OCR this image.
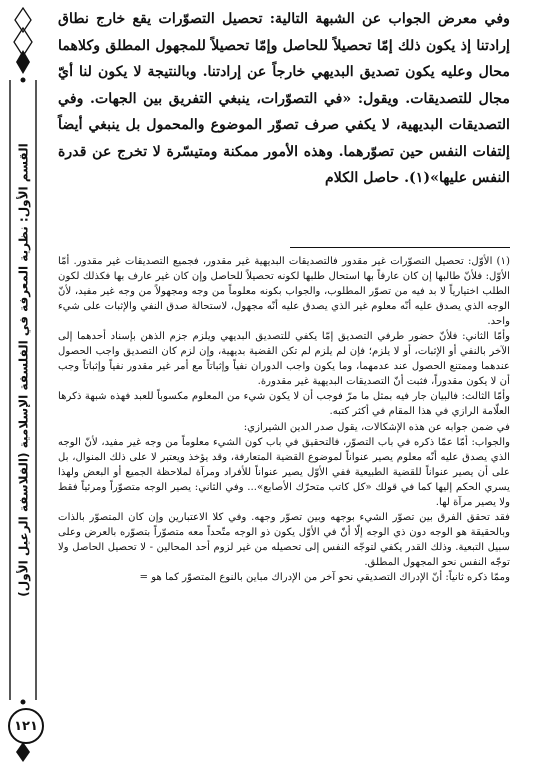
القسم الأول: نظرية المعرفة في الفلسفة الإسلامية (الفلاسفة الرعيل الأول)
١٢١

وفي معرض الجواب عن الشبهة التالية: تحصيل التصوّرات يقع خارج نطاق إرادتنا إذ يكون ذلك إمّا تحصيلاً للحاصل وإمّا تحصيلاً للمجهول المطلق وكلاهما محال وعليه يكون تصديق البديهي خارجاً عن إرادتنا. وبالنتيجة لا يكون لنا أيّ مجال للتصديقات. ويقول: «في التصوّرات، ينبغي التفريق بين الجهات. وفي التصديقات البديهية، لا يكفي صرف تصوّر الموضوع والمحمول بل ينبغي أيضاً إلتفات النفس حين تصوّرهما. وهذه الأمور ممكنة ومتيسّرة لا تخرج عن قدرة النفس عليها»(١). حاصل الكلام

(١) الأوّل: تحصيل التصوّرات غير مقدور فالتصديقات البديهية غير مقدور، فجميع التصديقات غير مقدور. أمّا الأوّل: فلأنّ طالبها إن كان عارفاً بها استحال طلبها لكونه تحصيلاً للحاصل وإن كان غير عارف بها فكذلك لكون الطلب اختيارياً لا بد فيه من تصوّر المطلوب، والجواب بكونه معلوماً من وجه ومجهولاً من وجه غير مفيد، لأنّ الوجه الذي يصدق عليه أنّه معلوم غير الذي يصدق عليه أنّه مجهول، لاستحالة صدق النفي والإثبات على شيء واحد.

وأمّا الثاني: فلأنّ حضور طرفي التصديق إمّا يكفي للتصديق البديهي ويلزم جزم الذهن بإسناد أحدهما إلى الآخر بالنفي أو الإثبات، أو لا يلزم؛ فإن لم يلزم لم تكن القضية بديهية، وإن لزم كان التصديق واجب الحصول عندهما وممتنع الحصول عند عدمهما، وما يكون واجب الدوران نفياً وإثباتاً مع أمر غير مقدور نفياً وإثباتاً وجب أن لا يكون مقدوراً، فثبت أنّ التصديقات البديهية غير مقدورة.

وأمّا الثالث: فالبيان جار فيه بمثل ما مرّ فوجب أن لا يكون شيء من المعلوم مكسوباً للعبد فهذه شبهة ذكرها العلّامة الرازي في هذا المقام في أكثر كتبه.

في ضمن جوابه عن هذه الإشكالات، يقول صدر الدين الشيرازي:

والجواب: أمّا عمّا ذكره في باب التصوّر، فالتحقيق في باب كون الشيء معلوماً من وجه غير مفيد، لأنّ الوجه الذي يصدق عليه أنّه معلوم يصير عنواناً لموضوع القضية المتعارفة، وقد يؤخذ ويعتبر لا على ذلك المنوال، بل على أن يصير عنواناً للقضية الطبيعية ففي الأوّل يصير عنواناً للأفراد ومرآة لملاحظة الجميع أو البعض ولهذا يسري الحكم إليها كما في قولك «كل كاتب متحرّك الأصابع»... وفي الثاني: يصير الوجه متصوّراً ومرئياً فقط ولا يصير مرآة لها.

فقد تحقق الفرق بين تصوّر الشيء بوجهه وبين تصوّر وجهه. وفي كلا الاعتبارين وإن كان المتصوّر بالذات وبالحقيقة هو الوجه دون ذي الوجه إلّا أنّ في الأوّل يكون ذو الوجه متّحداً معه متصوّراً بتصوّره بالعرض وعلى سبيل التبعية. وذلك القدر يكفي لتوجّه النفس إلى تحصيله من غير لزوم أحد المحالين - لا تحصيل الحاصل ولا توجّه النفس نحو المجهول المطلق.

وممّا ذكره ثانياً: أنّ الإدراك التصديقي نحو آخر من الإدراك مباين بالنوع المتصوّر كما هو =
